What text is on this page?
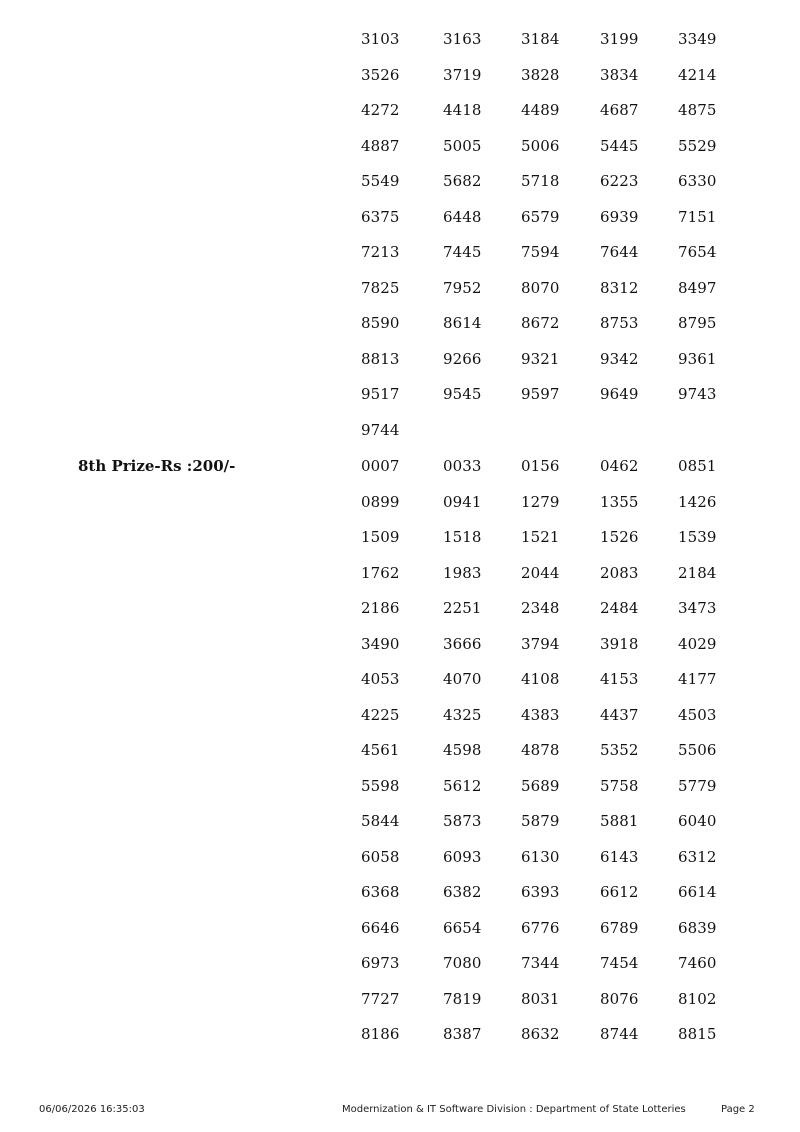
3103	3163	3184	3199	3349
3526	3719	3828	3834	4214
4272	4418	4489	4687	4875
4887	5005	5006	5445	5529
5549	5682	5718	6223	6330
6375	6448	6579	6939	7151
7213	7445	7594	7644	7654
7825	7952	8070	8312	8497
8590	8614	8672	8753	8795
8813	9266	9321	9342	9361
9517	9545	9597	9649	9743
9744
8th Prize-Rs :200/-	0007	0033	0156	0462	0851
0899	0941	1279	1355	1426
1509	1518	1521	1526	1539
1762	1983	2044	2083	2184
2186	2251	2348	2484	3473
3490	3666	3794	3918	4029
4053	4070	4108	4153	4177
4225	4325	4383	4437	4503
4561	4598	4878	5352	5506
5598	5612	5689	5758	5779
5844	5873	5879	5881	6040
6058	6093	6130	6143	6312
6368	6382	6393	6612	6614
6646	6654	6776	6789	6839
6973	7080	7344	7454	7460
7727	7819	8031	8076	8102
8186	8387	8632	8744	8815
06/06/2026 16:35:03	Modernization & IT Software Division : Department of State Lotteries	Page 2
